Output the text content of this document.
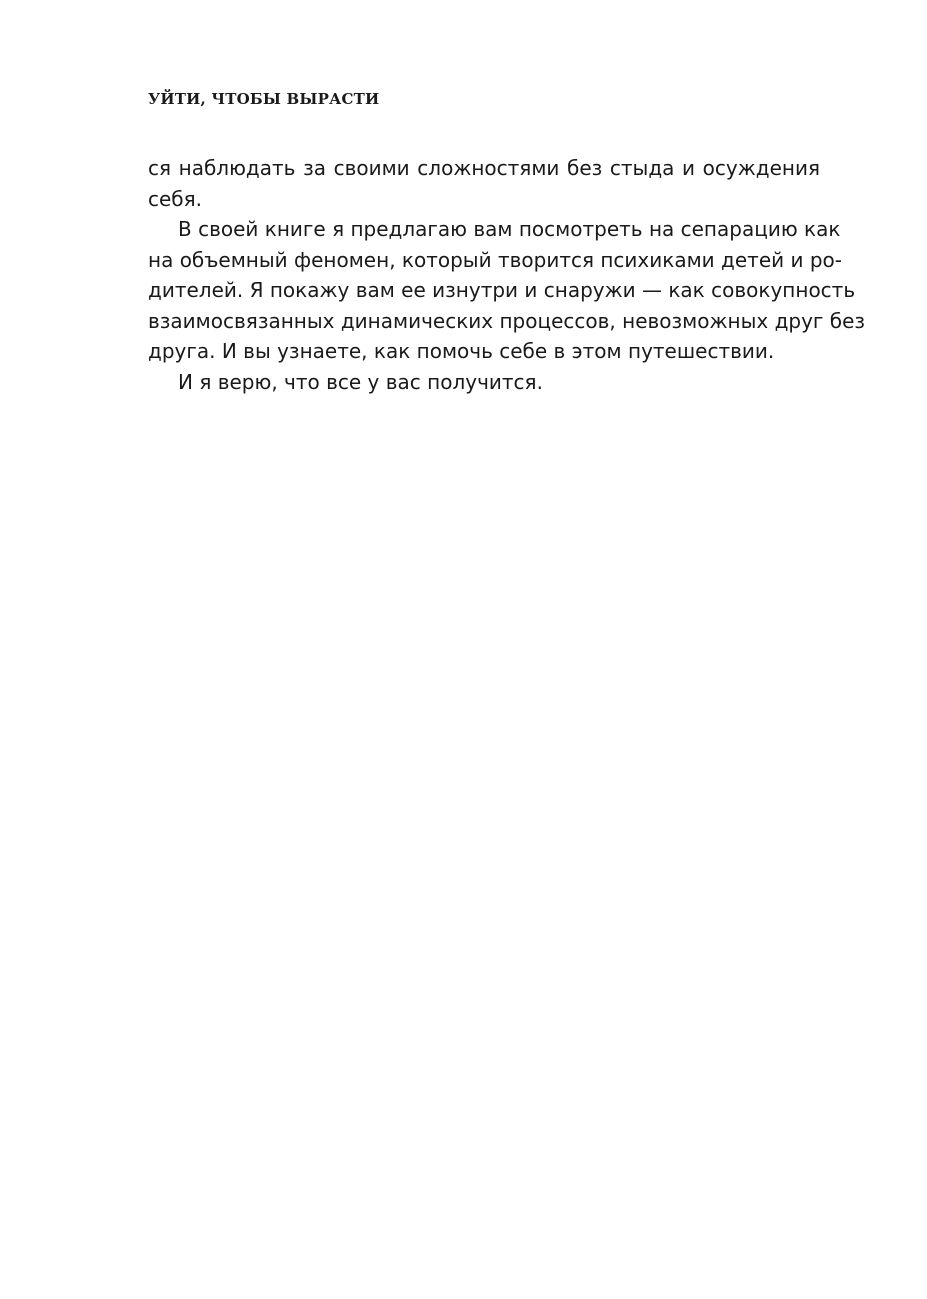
УЙТИ, ЧТОБЫ ВЫРАСТИ
ся наблюдать за своими сложностями без стыда и осуждения
себя.
В своей книге я предлагаю вам посмотреть на сепарацию как
на объемный феномен, который творится психиками детей и ро-
дителей. Я покажу вам ее изнутри и снаружи — как совокупность
взаимосвязанных динамических процессов, невозможных друг без
друга. И вы узнаете, как помочь себе в этом путешествии.
И я верю, что все у вас получится.
